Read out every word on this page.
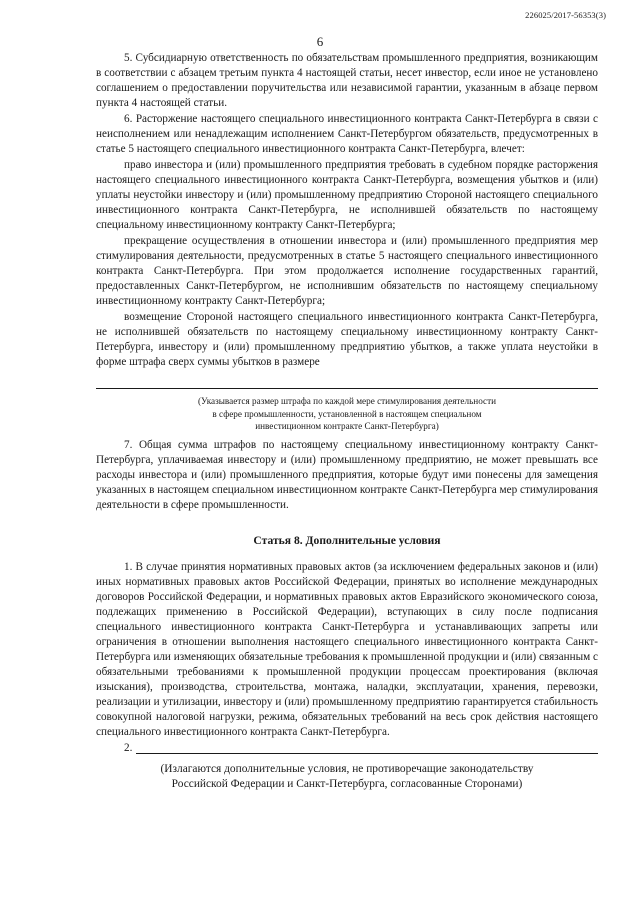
226025/2017-56353(3)
6

5. Субсидиарную ответственность по обязательствам промышленного предприятия, возникающим в соответствии с абзацем третьим пункта 4 настоящей статьи, несет инвестор, если иное не установлено соглашением о предоставлении поручительства или независимой гарантии, указанным в абзаце первом пункта 4 настоящей статьи.

6. Расторжение настоящего специального инвестиционного контракта Санкт-Петербурга в связи с неисполнением или ненадлежащим исполнением Санкт-Петербургом обязательств, предусмотренных в статье 5 настоящего специального инвестиционного контракта Санкт-Петербурга, влечет:

право инвестора и (или) промышленного предприятия требовать в судебном порядке расторжения настоящего специального инвестиционного контракта Санкт-Петербурга, возмещения убытков и (или) уплаты неустойки инвестору и (или) промышленному предприятию Стороной настоящего специального инвестиционного контракта Санкт-Петербурга, не исполнившей обязательств по настоящему специальному инвестиционному контракту Санкт-Петербурга;

прекращение осуществления в отношении инвестора и (или) промышленного предприятия мер стимулирования деятельности, предусмотренных в статье 5 настоящего специального инвестиционного контракта Санкт-Петербурга. При этом продолжается исполнение государственных гарантий, предоставленных Санкт-Петербургом, не исполнившим обязательств по настоящему специальному инвестиционному контракту Санкт-Петербурга;

возмещение Стороной настоящего специального инвестиционного контракта Санкт-Петербурга, не исполнившей обязательств по настоящему специальному инвестиционному контракту Санкт-Петербурга, инвестору и (или) промышленному предприятию убытков, а также уплата неустойки в форме штрафа сверх суммы убытков в размере

(Указывается размер штрафа по каждой мере стимулирования деятельности
в сфере промышленности, установленной в настоящем специальном
инвестиционном контракте Санкт-Петербурга)

7. Общая сумма штрафов по настоящему специальному инвестиционному контракту Санкт-Петербурга, уплачиваемая инвестору и (или) промышленному предприятию, не может превышать все расходы инвестора и (или) промышленного предприятия, которые будут ими понесены для замещения указанных в настоящем специальном инвестиционном контракте Санкт-Петербурга мер стимулирования деятельности в сфере промышленности.

Статья 8. Дополнительные условия

1. В случае принятия нормативных правовых актов (за исключением федеральных законов и (или) иных нормативных правовых актов Российской Федерации, принятых во исполнение международных договоров Российской Федерации, и нормативных правовых актов Евразийского экономического союза, подлежащих применению в Российской Федерации), вступающих в силу после подписания специального инвестиционного контракта Санкт-Петербурга и устанавливающих запреты или ограничения в отношении выполнения настоящего специального инвестиционного контракта Санкт-Петербурга или изменяющих обязательные требования к промышленной продукции и (или) связанным с обязательными требованиями к промышленной продукции процессам проектирования (включая изыскания), производства, строительства, монтажа, наладки, эксплуатации, хранения, перевозки, реализации и утилизации, инвестору и (или) промышленному предприятию гарантируется стабильность совокупной налоговой нагрузки, режима, обязательных требований на весь срок действия настоящего специального инвестиционного контракта Санкт-Петербурга.

2.
(Излагаются дополнительные условия, не противоречащие законодательству
Российской Федерации и Санкт-Петербурга, согласованные Сторонами)
